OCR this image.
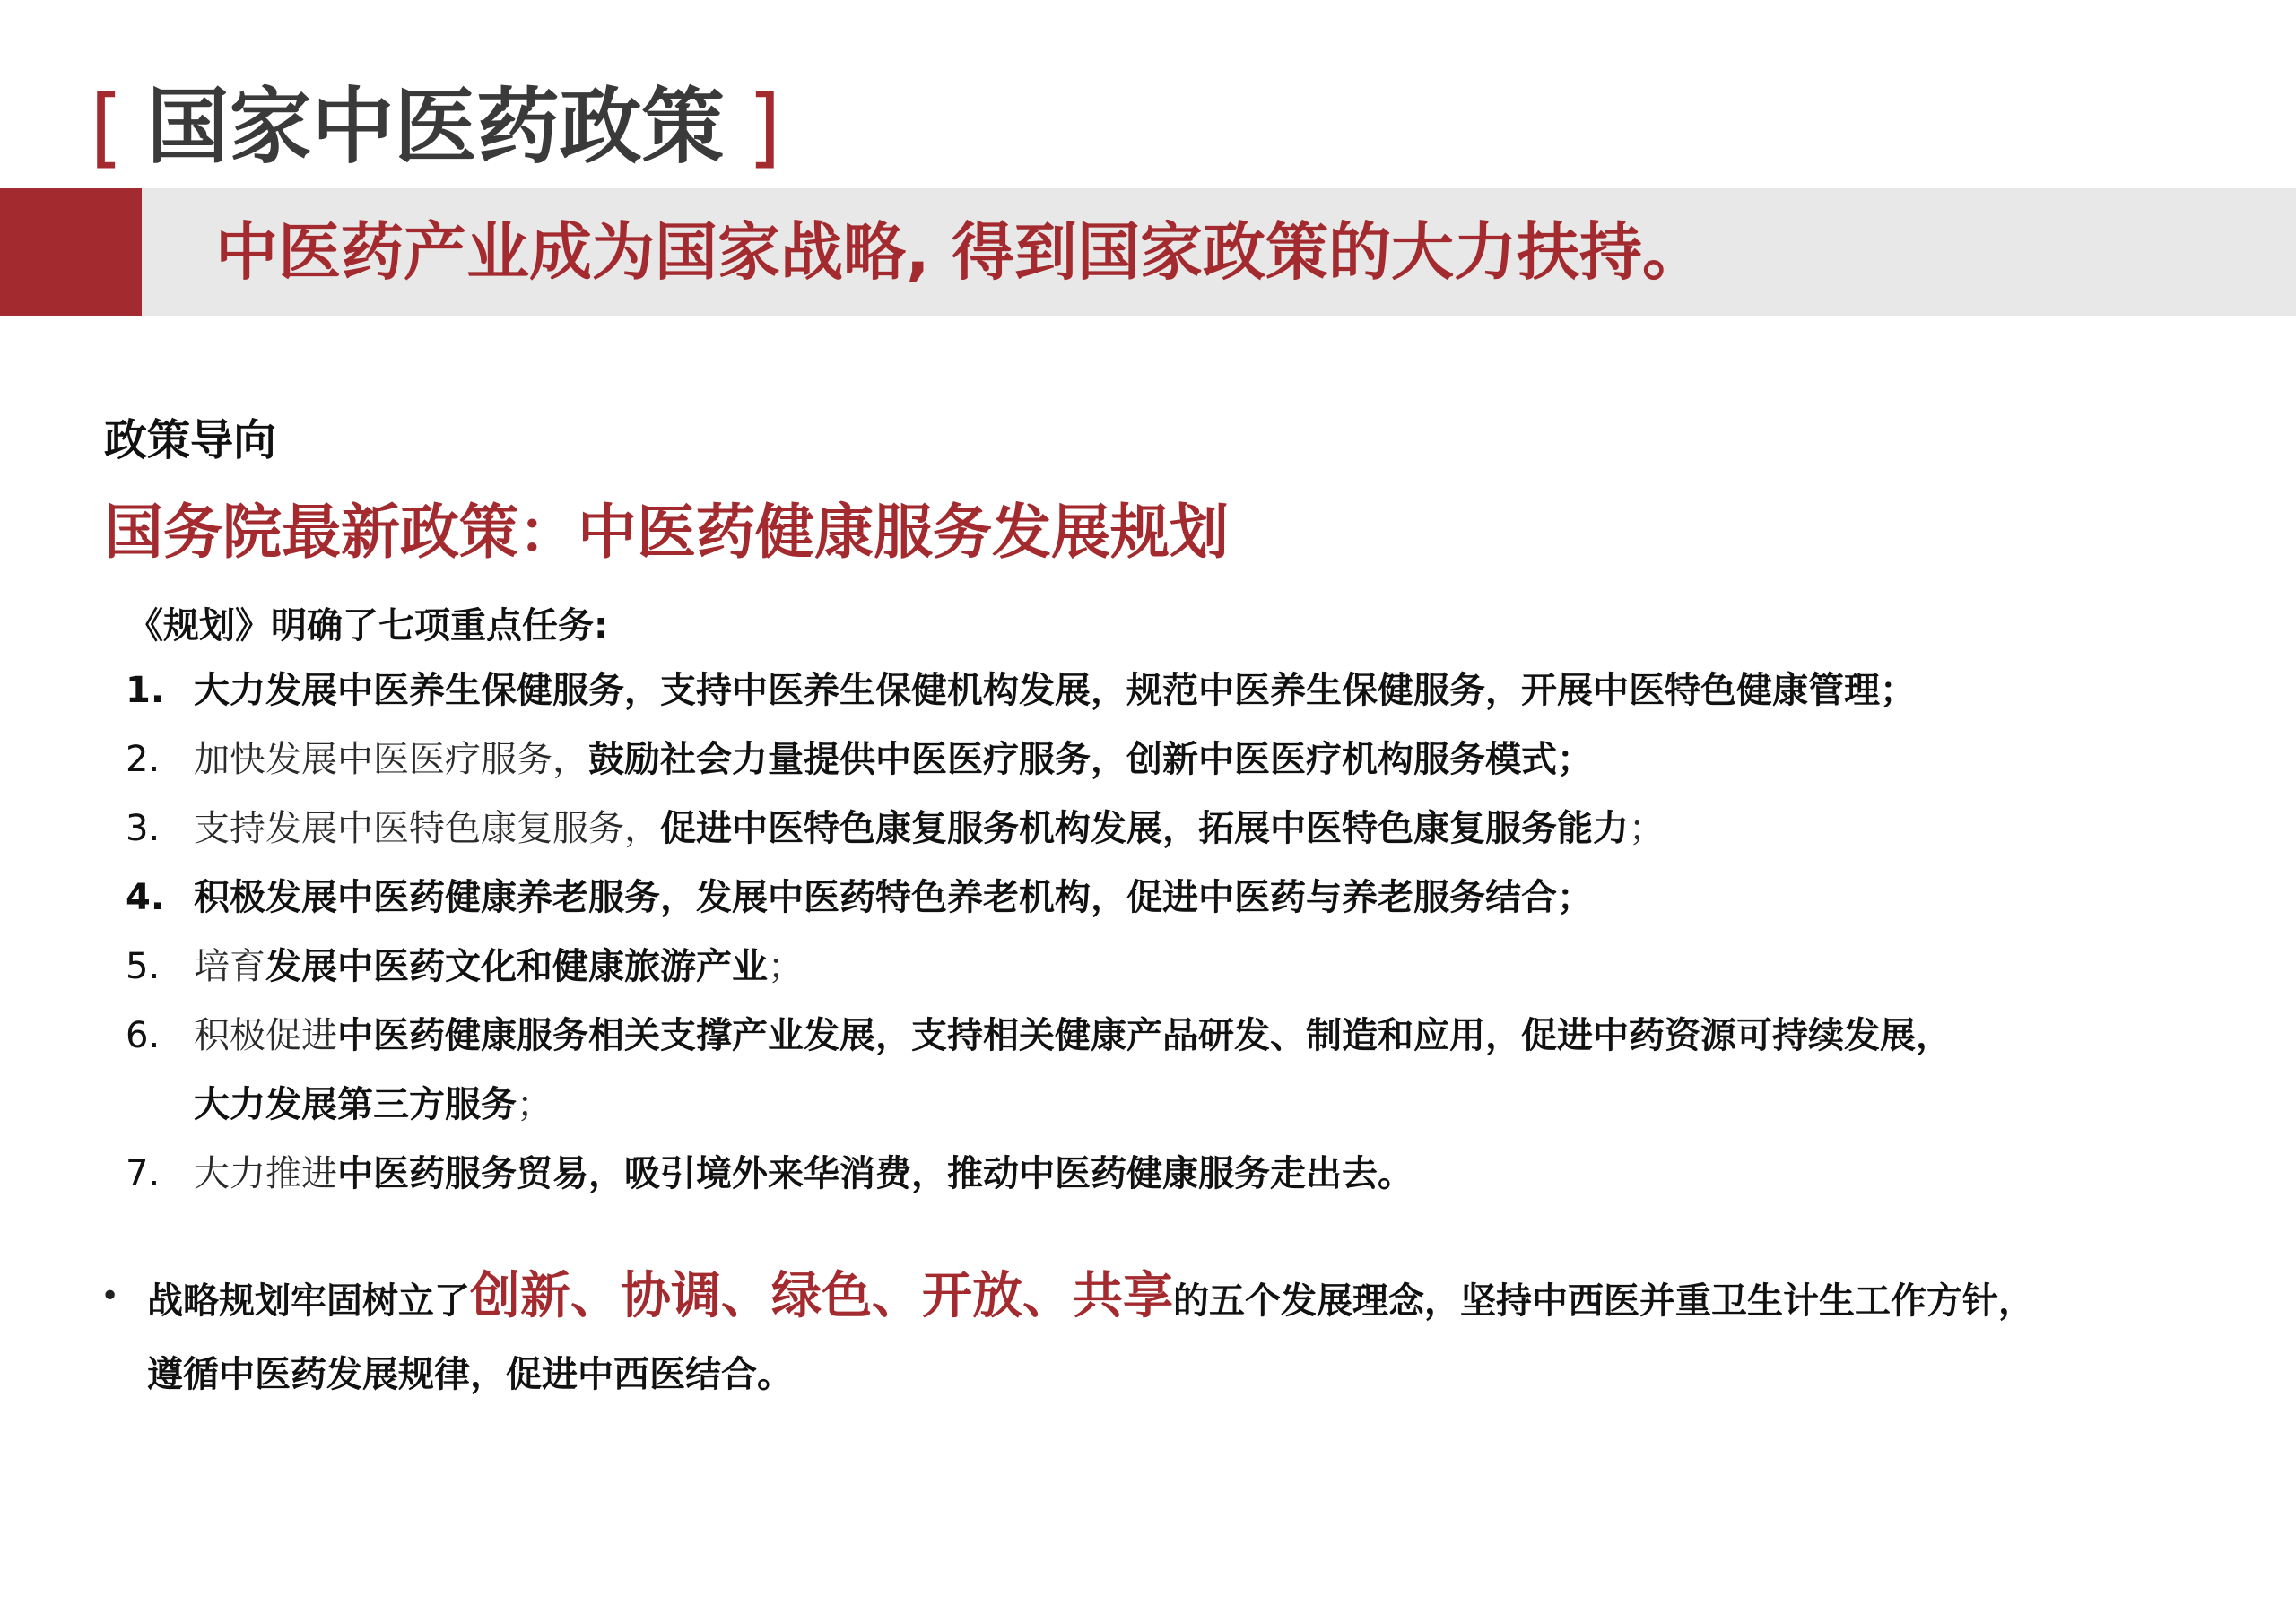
[ 国家中医药政策 ]
中医药产业成为国家战略, 得到国家政策的大力扶持。
政策导向
国务院最新政策：中医药健康服务发展规划
《规划》明确了七项重点任务:
1. 大力发展中医养生保健服务，支持中医养生保健机构发展，规范中医养生保健服务，开展中医特色健康管理；
2. 加快发展中医医疗服务，鼓励社会力量提供中医医疗服务，创新中医医疗机构服务模式；
3. 支持发展中医特色康复服务，促进中医特色康复服务机构发展，拓展中医特色康复服务能力；
4. 积极发展中医药健康养老服务，发展中医药特色养老机构，促进中医药与养老服务结合；
5. 培育发展中医药文化和健康旅游产业；
6. 积极促进中医药健康服务相关支撑产业发展，支持相关健康产品研发、制造和应用，促进中药资源可持续发展，
大力发展第三方服务；
7. 大力推进中医药服务贸易，吸引境外来华消费，推动中医药健康服务走出去。
• 战略规划牢固树立了创新、协调、绿色、开放、共享的五个发展理念，坚持中西医并重卫生计生工作方针，
遵循中医药发展规律，促进中西医结合。
